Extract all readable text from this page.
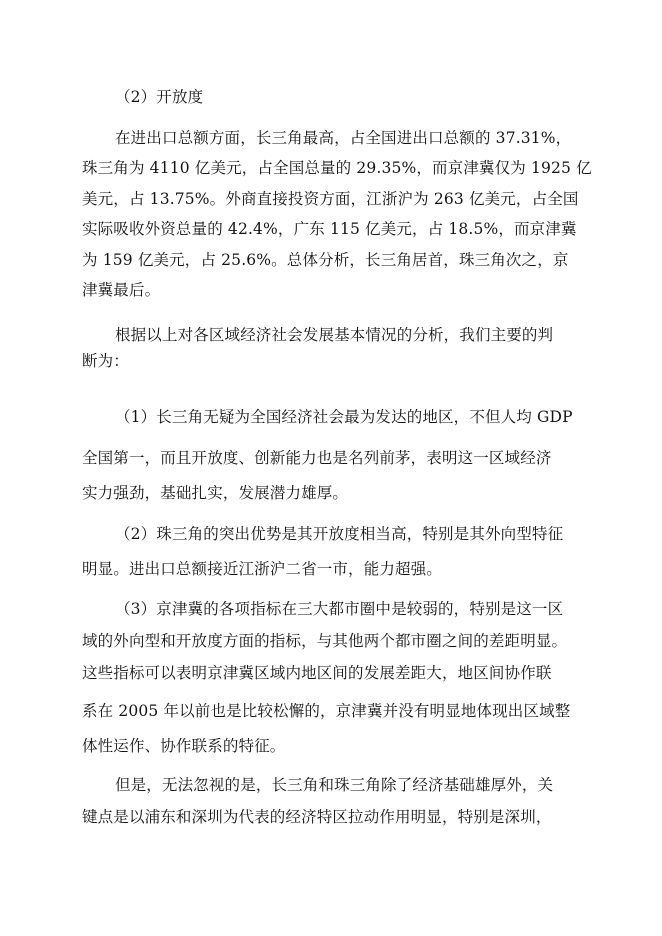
（2）开放度
在进出口总额方面，长三角最高，占全国进出口总额的 37.31%，
珠三角为 4110 亿美元，占全国总量的 29.35%，而京津冀仅为 1925 亿
美元，占 13.75%。外商直接投资方面，江浙沪为 263 亿美元，占全国
实际吸收外资总量的 42.4%，广东 115 亿美元，占 18.5%，而京津冀
为 159 亿美元，占 25.6%。总体分析，长三角居首，珠三角次之，京
津冀最后。
根据以上对各区域经济社会发展基本情况的分析，我们主要的判
断为：
（1）长三角无疑为全国经济社会最为发达的地区，不但人均 GDP
全国第一，而且开放度、创新能力也是名列前茅，表明这一区域经济
实力强劲，基础扎实，发展潜力雄厚。
（2）珠三角的突出优势是其开放度相当高，特别是其外向型特征
明显。进出口总额接近江浙沪二省一市，能力超强。
（3）京津冀的各项指标在三大都市圈中是较弱的，特别是这一区
域的外向型和开放度方面的指标，与其他两个都市圈之间的差距明显。
这些指标可以表明京津冀区域内地区间的发展差距大，地区间协作联
系在 2005 年以前也是比较松懈的，京津冀并没有明显地体现出区域整
体性运作、协作联系的特征。
但是，无法忽视的是，长三角和珠三角除了经济基础雄厚外，关
键点是以浦东和深圳为代表的经济特区拉动作用明显，特别是深圳，
